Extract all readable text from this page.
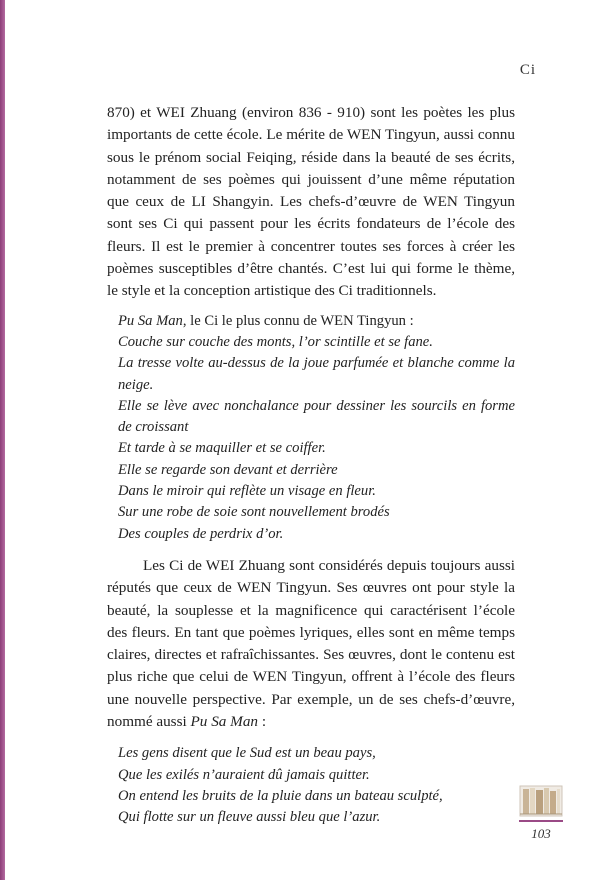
Ci

870) et WEI Zhuang (environ 836 - 910) sont les poètes les plus importants de cette école. Le mérite de WEN Tingyun, aussi connu sous le prénom social Feiqing, réside dans la beauté de ses écrits, notamment de ses poèmes qui jouissent d’une même réputation que ceux de LI Shangyin. Les chefs-d’œuvre de WEN Tingyun sont ses Ci qui passent pour les écrits fondateurs de l’école des fleurs. Il est le premier à concentrer toutes ses forces à créer les poèmes susceptibles d’être chantés. C’est lui qui forme le thème, le style et la conception artistique des Ci traditionnels.

Pu Sa Man, le Ci le plus connu de WEN Tingyun :
Couche sur couche des monts, l’or scintille et se fane.
La tresse volte au-dessus de la joue parfumée et blanche comme la neige.
Elle se lève avec nonchalance pour dessiner les sourcils en forme de croissant
Et tarde à se maquiller et se coiffer.
Elle se regarde son devant et derrière
Dans le miroir qui reflète un visage en fleur.
Sur une robe de soie sont nouvellement brodés
Des couples de perdrix d’or.

Les Ci de WEI Zhuang sont considérés depuis toujours aussi réputés que ceux de WEN Tingyun. Ses œuvres ont pour style la beauté, la souplesse et la magnificence qui caractérisent l’école des fleurs. En tant que poèmes lyriques, elles sont en même temps claires, directes et rafraîchissantes. Ses œuvres, dont le contenu est plus riche que celui de WEN Tingyun, offrent à l’école des fleurs une nouvelle perspective. Par exemple, un de ses chefs-d’œuvre, nommé aussi Pu Sa Man :

Les gens disent que le Sud est un beau pays,
Que les exilés n’auraient dû jamais quitter.
On entend les bruits de la pluie dans un bateau sculpté,
Qui flotte sur un fleuve aussi bleu que l’azur.
103
